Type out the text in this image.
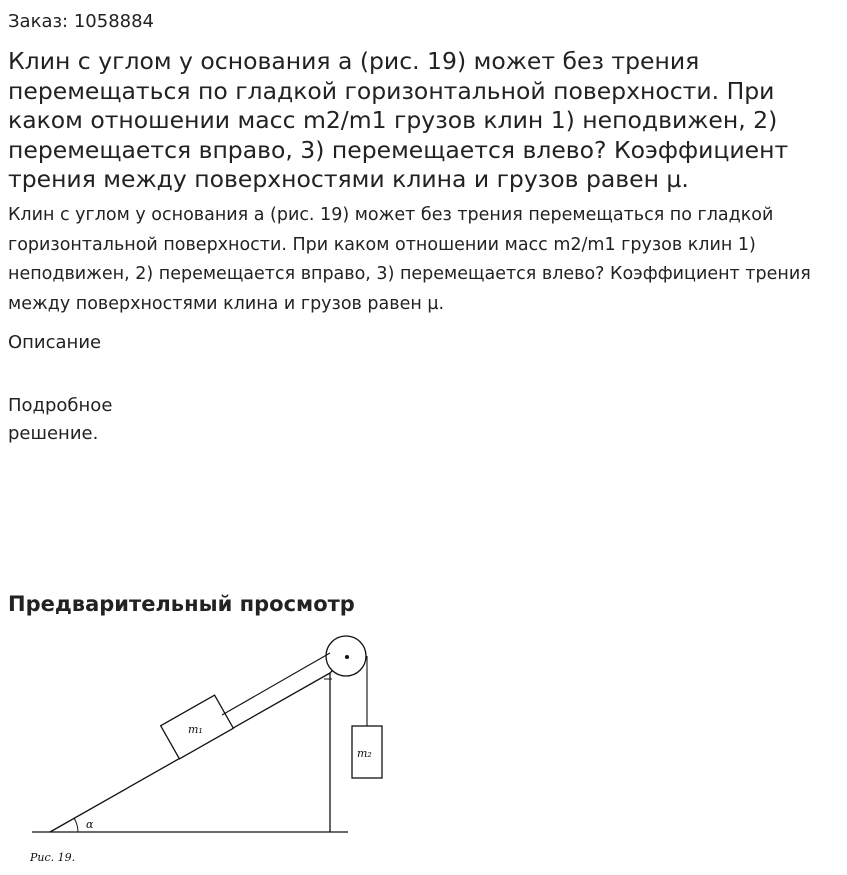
Заказ: 1058884
Клин с углом у основания a (рис. 19) может без трения перемещаться по гладкой горизонтальной поверхности. При каком отношении масс m2/m1 грузов клин 1) неподвижен, 2) перемещается вправо, 3) перемещается влево? Коэффициент трения между поверхностями клина и грузов равен µ.

Клин с углом у основания a (рис. 19) может без трения перемещаться по гладкой горизонтальной поверхности. При каком отношении масс m2/m1 грузов клин 1) неподвижен, 2) перемещается вправо, 3) перемещается влево? Коэффициент трения между поверхностями клина и грузов равен µ.

Описание
Подробное решение.
Предварительный просмотр
α
m₁
m₂
Рис. 19.
